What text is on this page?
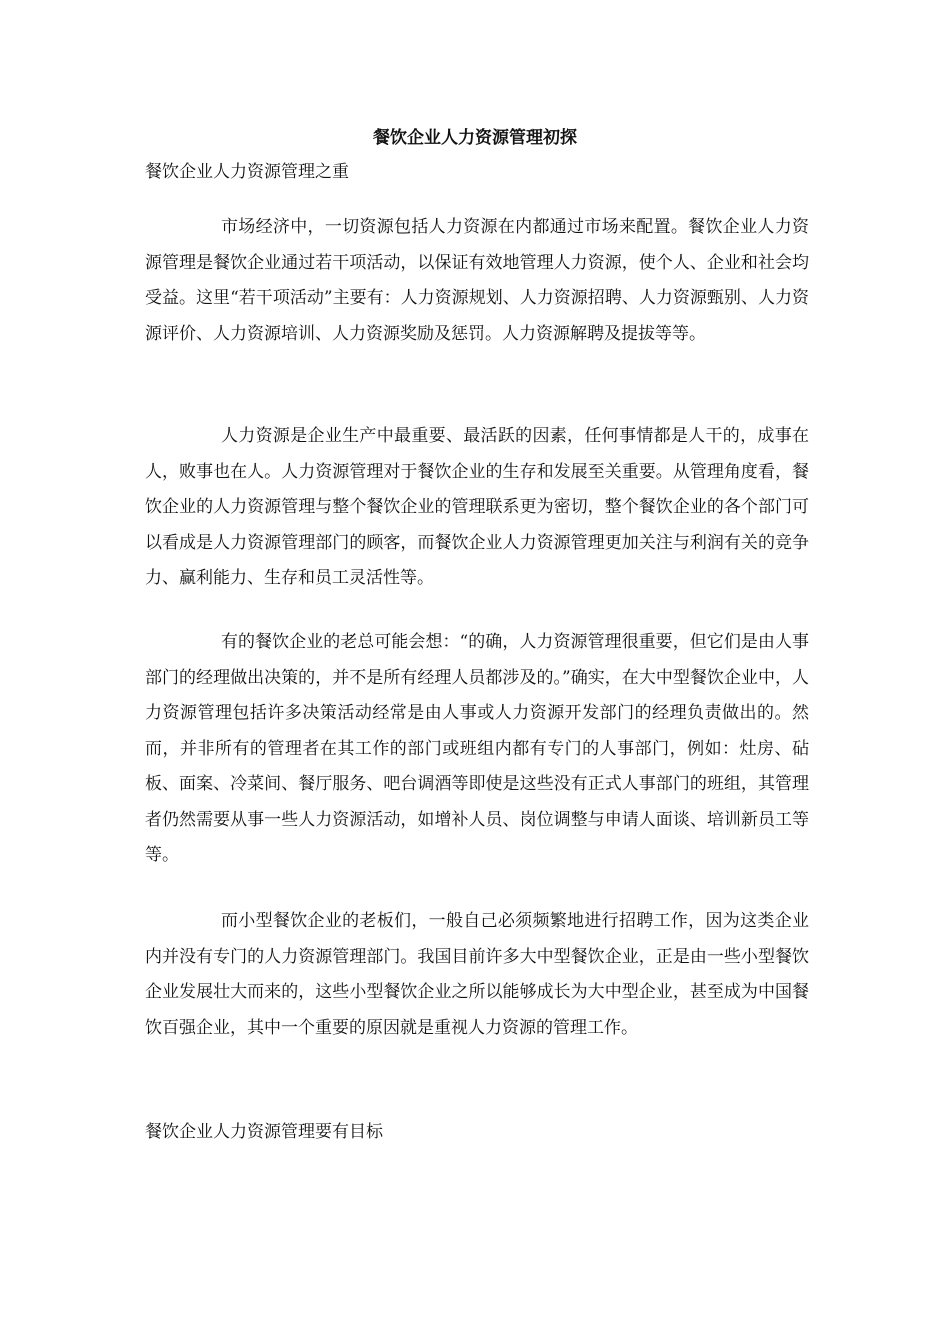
餐饮企业人力资源管理初探

餐饮企业人力资源管理之重

市场经济中，一切资源包括人力资源在内都通过市场来配置。餐饮企业人力资源管理是餐饮企业通过若干项活动，以保证有效地管理人力资源，使个人、企业和社会均受益。这里“若干项活动”主要有：人力资源规划、人力资源招聘、人力资源甄别、人力资源评价、人力资源培训、人力资源奖励及惩罚。人力资源解聘及提拔等等。

人力资源是企业生产中最重要、最活跃的因素，任何事情都是人干的，成事在人，败事也在人。人力资源管理对于餐饮企业的生存和发展至关重要。从管理角度看，餐饮企业的人力资源管理与整个餐饮企业的管理联系更为密切，整个餐饮企业的各个部门可以看成是人力资源管理部门的顾客，而餐饮企业人力资源管理更加关注与利润有关的竞争力、赢利能力、生存和员工灵活性等。

有的餐饮企业的老总可能会想：“的确，人力资源管理很重要，但它们是由人事部门的经理做出决策的，并不是所有经理人员都涉及的。”确实，在大中型餐饮企业中，人力资源管理包括许多决策活动经常是由人事或人力资源开发部门的经理负责做出的。然而，并非所有的管理者在其工作的部门或班组内都有专门的人事部门，例如：灶房、砧板、面案、冷菜间、餐厅服务、吧台调酒等即使是这些没有正式人事部门的班组，其管理者仍然需要从事一些人力资源活动，如增补人员、岗位调整与申请人面谈、培训新员工等等。

而小型餐饮企业的老板们，一般自己必须频繁地进行招聘工作，因为这类企业内并没有专门的人力资源管理部门。我国目前许多大中型餐饮企业，正是由一些小型餐饮企业发展壮大而来的，这些小型餐饮企业之所以能够成长为大中型企业，甚至成为中国餐饮百强企业，其中一个重要的原因就是重视人力资源的管理工作。

餐饮企业人力资源管理要有目标
